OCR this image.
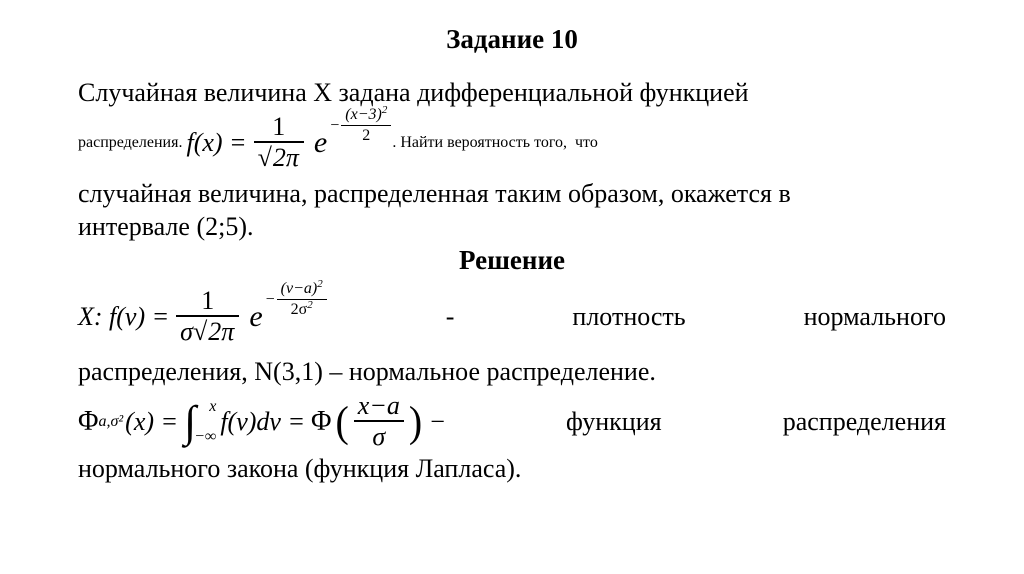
Задание 10
Случайная величина X задана дифференциальной функцией
распределения. $f(x) = \frac{1}{√2\pi}$ e
− $\frac{(x-3)^2}{2}$ . Найти вероятность того,  что
случайная величина, распределенная таким образом, окажется в
интервале (2;5).
Решение
X: $f(v) = \frac{1}{\sigma√2\pi}$ e
− $\frac{(v-a)^2}{2\sigma^2}$	-	плотность	нормального
распределения, N(3,1) – нормальное распределение.
Φ a,σ² (x) = ∫ x
−∞
f(v)dv = Φ ( $\frac{x-a}{\sigma}$ ) −	функция	распределения
нормального закона (функция Лапласа).
